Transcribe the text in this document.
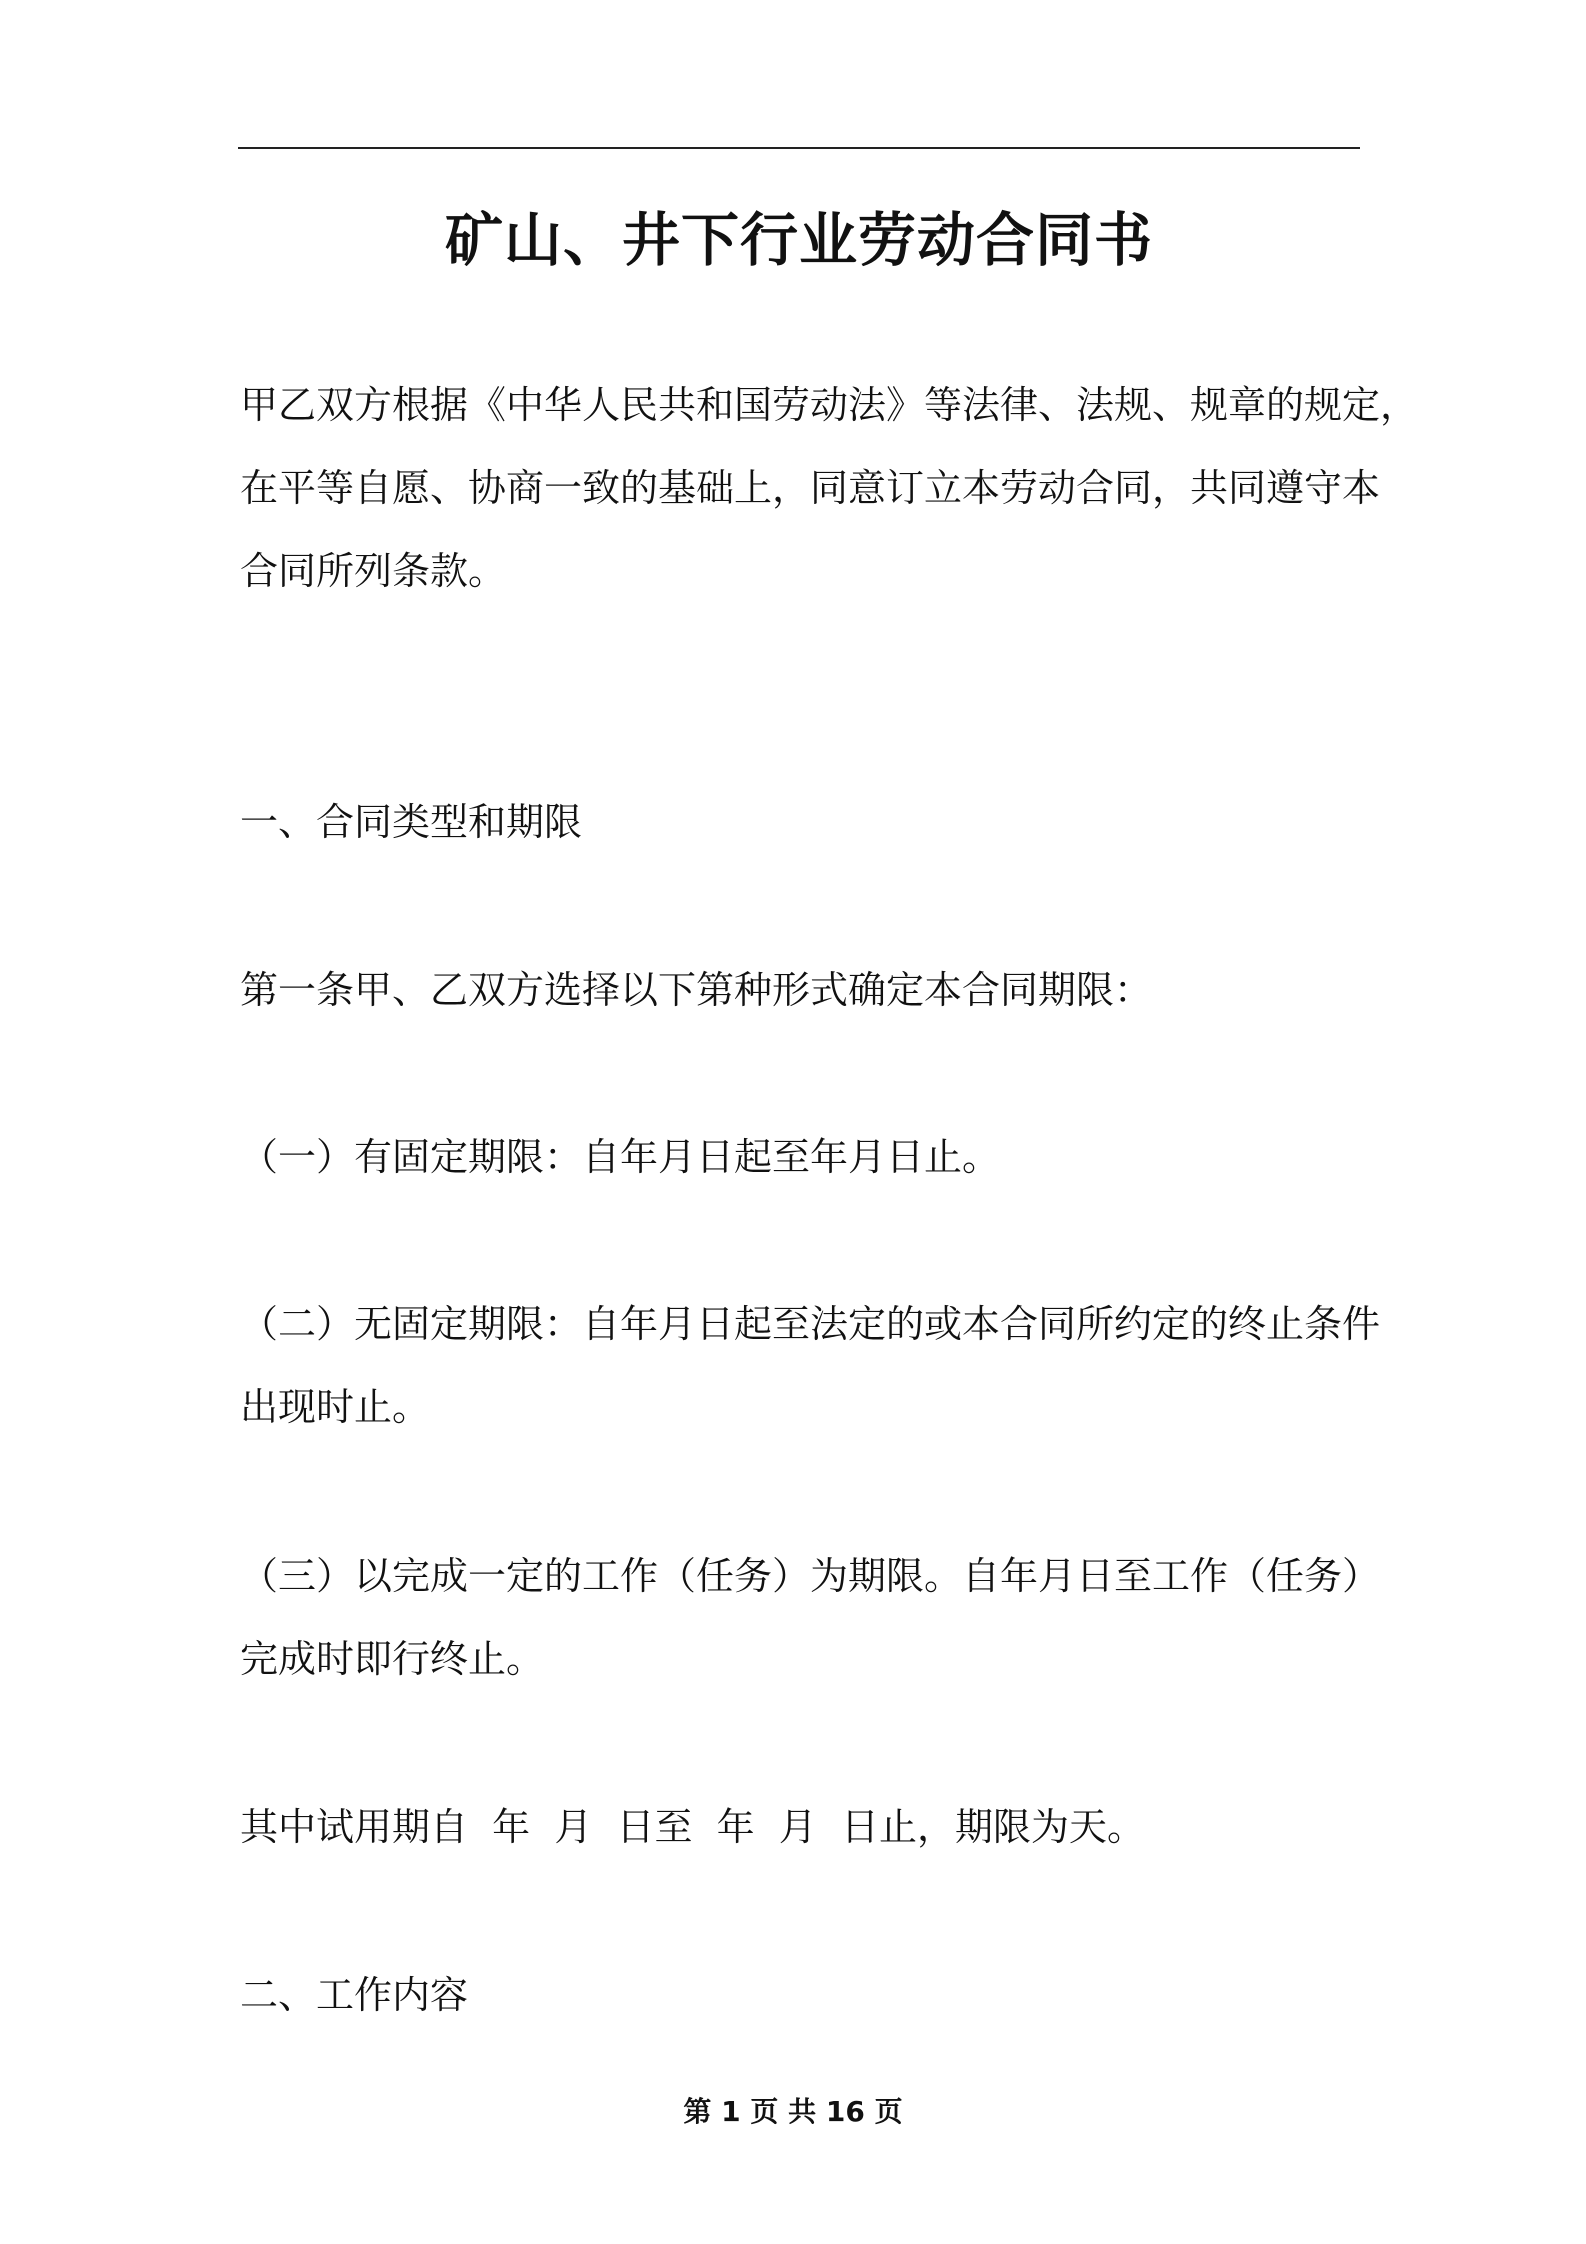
矿山、井下行业劳动合同书

甲乙双方根据《中华人民共和国劳动法》等法律、法规、规章的规定，
在平等自愿、协商一致的基础上，同意订立本劳动合同，共同遵守本
合同所列条款。

一、合同类型和期限

第一条甲、乙双方选择以下第种形式确定本合同期限：

（一）有固定期限：自年月日起至年月日止。

（二）无固定期限：自年月日起至法定的或本合同所约定的终止条件
出现时止。

（三）以完成一定的工作（任务）为期限。自年月日至工作（任务）
完成时即行终止。

其中试用期自  年  月  日至  年  月  日止，期限为天。

二、工作内容

第 1 页 共 16 页
